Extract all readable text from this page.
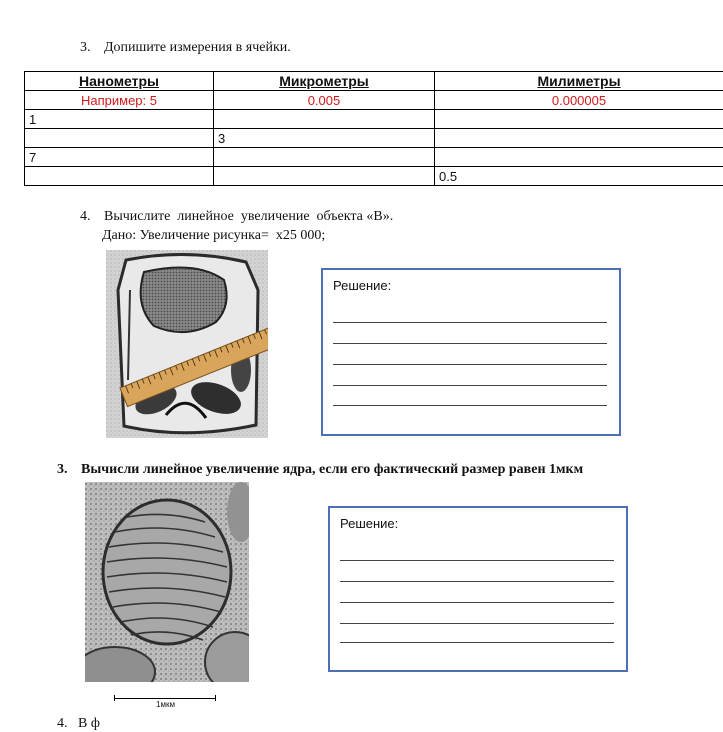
3. Допишите измерения в ячейки.
Нанометры	Микрометры	Милиметры
Например: 5	0.005	0.000005
1		
	3	
7		
		0.5
4. Вычислите  линейное  увеличение  объекта «В».
Дано: Увеличение рисунка=  х25 000;
Решение:
3. Вычисли линейное увеличение ядра, если его фактический размер равен 1мкм
1мкм
Решение:
4.   В ф
